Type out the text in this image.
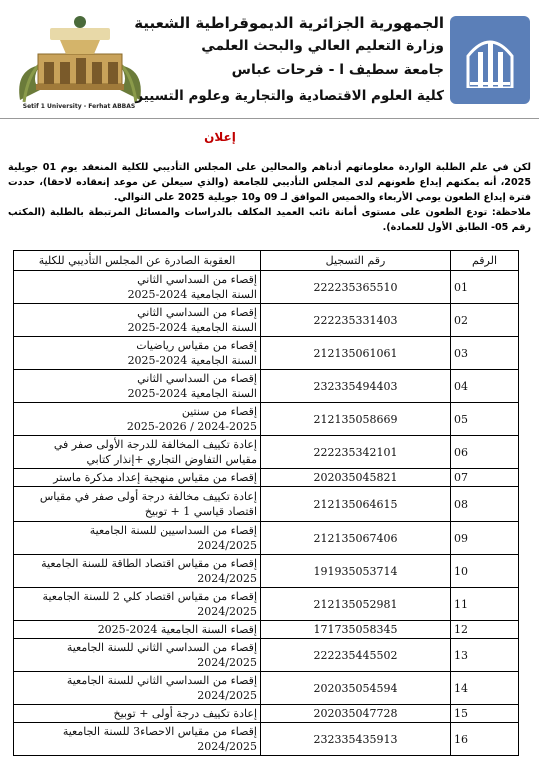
Setif 1 University - Ferhat ABBAS
الجمهورية الجزائرية الديموقراطية الشعبية
وزارة التعليم العالي والبحث العلمي
جامعة سطيف ا - فرحات عباس
كلية العلوم الاقتصادية والتجارية وعلوم التسيير
إعلان

لكن في علم الطلبة الواردة معلوماتهم أدناهم والمحالين على المجلس التأديبي للكلية المنعقد يوم 01 جويلية 2025، أنه يمكنهم إيداع طعونهم لدى المجلس التأديبي للجامعة (والذي سيعلن عن موعد إنعقاده لاحقا)، حددت فترة إيداع الطعون يومي الأربعاء والخميس الموافق لـ 09 و10 جويلية 2025 على التوالي.

ملاحظة: تودع الطعون على مستوى أمانة نائب العميد المكلف بالدراسات والمسائل المرتبطة بالطلبة (المكتب رقم 05- الطابق الأول للعمادة).

الرقم	رقم التسجيل	العقوبة الصادرة عن المجلس التأديبي للكلية
01	222235365510	إقصاء من السداسي الثاني
السنة الجامعية 2024-2025
02	222235331403	إقصاء من السداسي الثاني
السنة الجامعية 2024-2025
03	212135061061	إقصاء من مقياس رياضيات
السنة الجامعية 2024-2025
04	232335494403	إقصاء من السداسي الثاني
السنة الجامعية 2024-2025
05	212135058669	إقصاء من سنتين
2024-2025 / 2025-2026
06	222235342101	إعادة تكييف المخالفة للدرجة الأولى صفر في
مقياس التفاوض التجاري +إنذار كتابي
07	202035045821	إقصاء من مقياس منهجية إعداد مذكرة ماستر
08	212135064615	إعادة تكييف مخالفة درجة أولى صفر في مقياس
اقتصاد قياسي 1 + توبيخ
09	212135067406	إقصاء من السداسيين للسنة الجامعية
2024/2025
10	191935053714	إقصاء من مقياس اقتصاد الطاقة للسنة الجامعية
2024/2025
11	212135052981	إقصاء من مقياس اقتصاد كلي 2 للسنة الجامعية
2024/2025
12	171735058345	إقصاء السنة الجامعية 2024-2025
13	222235445502	إقصاء من السداسي الثاني للسنة الجامعية
2024/2025
14	202035054594	إقصاء من السداسي الثاني للسنة الجامعية
2024/2025
15	202035047728	إعادة تكييف درجة أولى + توبيخ
16	232335435913	إقصاء من مقياس الاحصاء3 للسنة الجامعية
2024/2025
